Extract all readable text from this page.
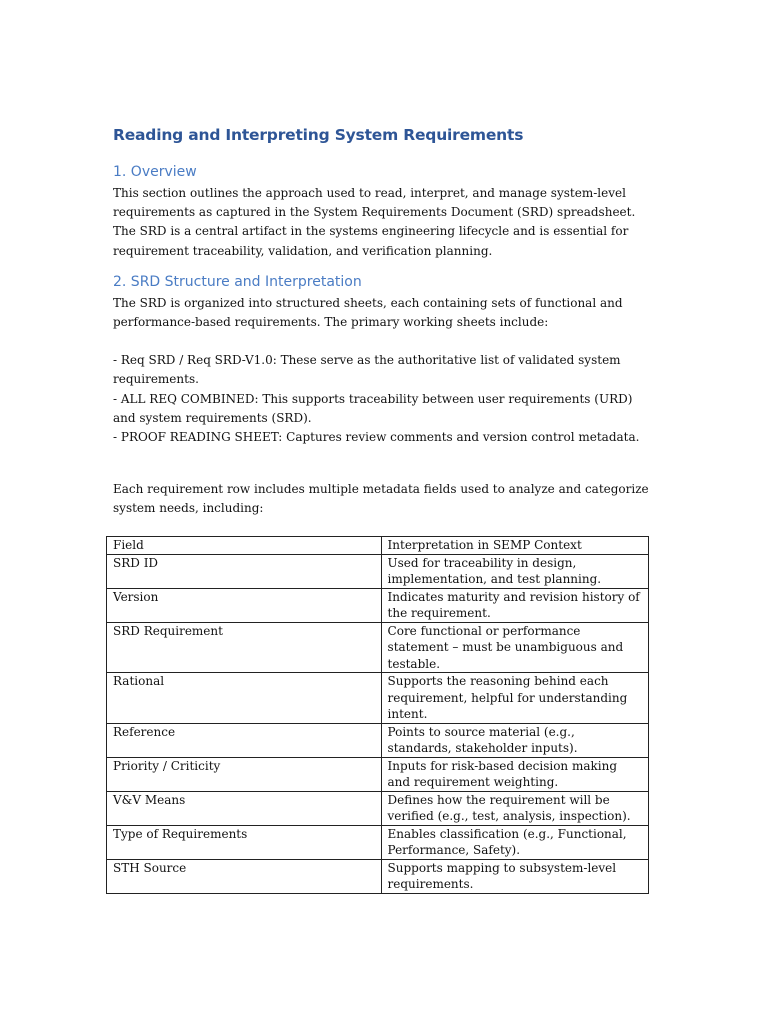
Reading and Interpreting System Requirements
1. Overview

This section outlines the approach used to read, interpret, and manage system-level requirements as captured in the System Requirements Document (SRD) spreadsheet. The SRD is a central artifact in the systems engineering lifecycle and is essential for requirement traceability, validation, and verification planning.

2. SRD Structure and Interpretation

The SRD is organized into structured sheets, each containing sets of functional and performance-based requirements. The primary working sheets include:

- Req SRD / Req SRD-V1.0: These serve as the authoritative list of validated system requirements.
- ALL REQ COMBINED: This supports traceability between user requirements (URD) and system requirements (SRD).
- PROOF READING SHEET: Captures review comments and version control metadata.

Each requirement row includes multiple metadata fields used to analyze and categorize system needs, including:

Field	Interpretation in SEMP Context
SRD ID	Used for traceability in design, implementation, and test planning.
Version	Indicates maturity and revision history of the requirement.
SRD Requirement	Core functional or performance statement – must be unambiguous and testable.
Rational	Supports the reasoning behind each requirement, helpful for understanding intent.
Reference	Points to source material (e.g., standards, stakeholder inputs).
Priority / Criticity	Inputs for risk-based decision making and requirement weighting.
V&V Means	Defines how the requirement will be verified (e.g., test, analysis, inspection).
Type of Requirements	Enables classification (e.g., Functional, Performance, Safety).
STH Source	Supports mapping to subsystem-level requirements.
